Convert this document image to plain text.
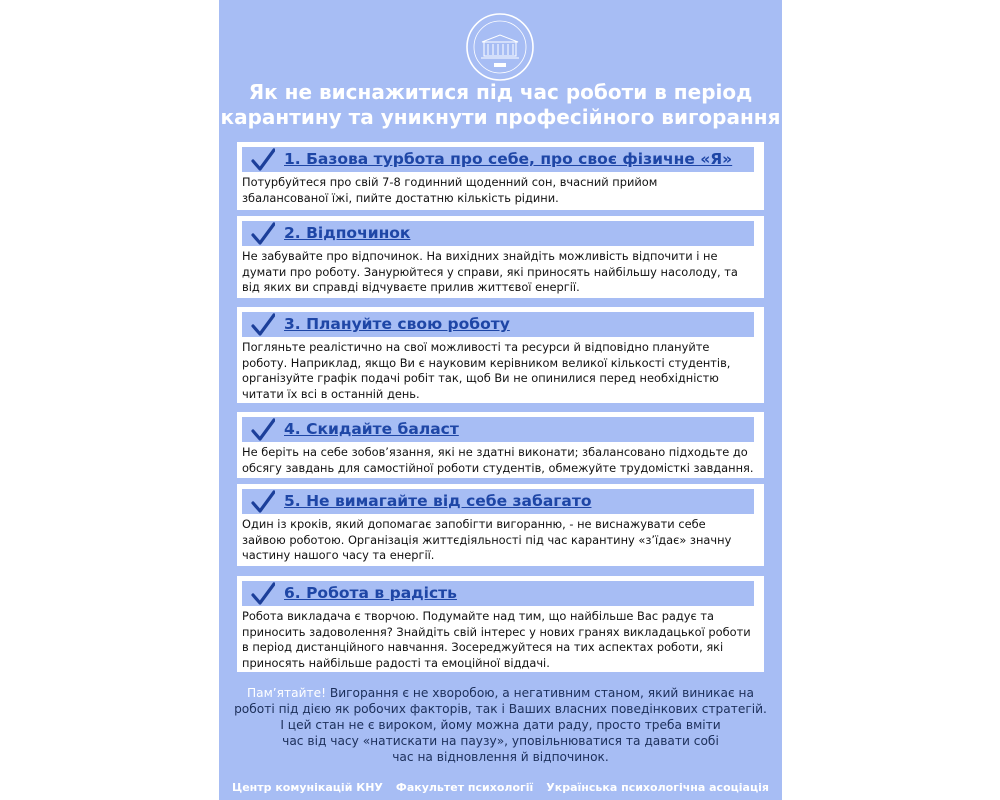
Як не виснажитися під час роботи в період
карантину та уникнути професійного вигорання
1. Базова турбота про себе, про своє фізичне «Я»

Потурбуйтеся про свій 7-8 годинний щоденний сон, вчасний прийом
збалансованої їжі, пийте достатню кількість рідини.

2. Відпочинок

Не забувайте про відпочинок. На вихідних знайдіть можливість відпочити і не
думати про роботу. Занурюйтеся у справи, які приносять найбільшу насолоду, та
від яких ви справді відчуваєте прилив життєвої енергії.

3. Плануйте свою роботу

Погляньте реалістично на свої можливості та ресурси й відповідно плануйте
роботу. Наприклад, якщо Ви є науковим керівником великої кількості студентів,
організуйте графік подачі робіт так, щоб Ви не опинилися перед необхідністю
читати їх всі в останній день.

4. Скидайте баласт

Не беріть на себе зобов’язання, які не здатні виконати; збалансовано підходьте до
обсягу завдань для самостійної роботи студентів, обмежуйте трудомісткі завдання.

5. Не вимагайте від себе забагато

Один із кроків, який допомагає запобігти вигоранню, - не виснажувати себе
зайвою роботою. Організація життєдіяльності під час карантину «з’їдає» значну
частину нашого часу та енергії.

6. Робота в радість

Робота викладача є творчою. Подумайте над тим, що найбільше Вас радує та
приносить задоволення? Знайдіть свій інтерес у нових гранях викладацької роботи
в період дистанційного навчання. Зосереджуйтеся на тих аспектах роботи, які
приносять найбільше радості та емоційної віддачі.

Пам’ятайте! Вигорання є не хворобою, а негативним станом, який виникає на
роботі під дією як робочих факторів, так і Ваших власних поведінкових стратегій.
І цей стан не є вироком, йому можна дати раду, просто треба вміти
час від часу «натискати на паузу», уповільнюватися та давати собі
час на відновлення й відпочинок.

Центр комунікацій КНУ Факультет психології Українська психологічна асоціація
